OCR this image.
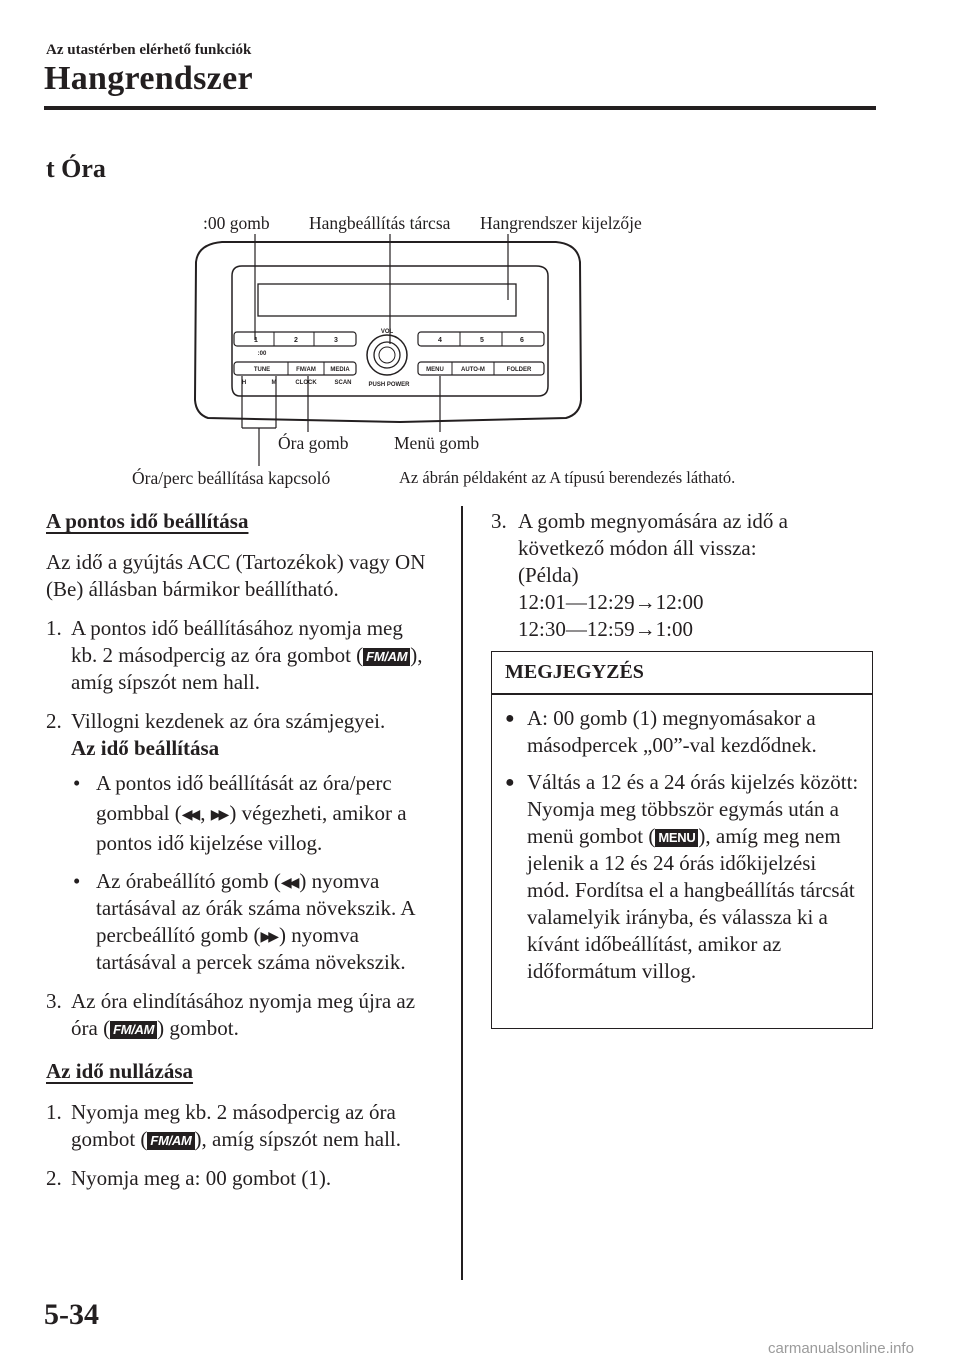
Az utastérben elérhető funkciók
Hangrendszer
t Óra
:00 gomb Hangbeállítás tárcsa Hangrendszer kijelzője
Óra gomb	Menü gomb
Óra/perc beállítása kapcsoló	Az ábrán példaként az A típusú berendezés látható.
1	2	3	4	5	6
:00
TUNE	FM/AM MEDIA
H	M	CLOCK	SCAN
VOL
PUSH POWER
MENU	AUTO-M	FOLDER

A pontos idő beállítása

Az idő a gyújtás ACC (Tartozékok) vagy ON (Be) állásban bármikor beállítható.

1. A pontos idő beállításához nyomja meg kb. 2 másodpercig az óra gombot ( FM/AM ), amíg sípszót nem hall.

2. Villogni kezdenek az óra számjegyei.
Az idő beállítása

• A pontos idő beállítását az óra/perc gombbal (◀◀ , ▶▶ ) végezheti, amikor a pontos idő kijelzése villog.

• Az órabeállító gomb (◀◀ ) nyomva tartásával az órák száma növekszik. A percbeállító gomb (▶▶ ) nyomva tartásával a percek száma növekszik.

3. Az óra elindításához nyomja meg újra az óra ( FM/AM ) gombot.

Az idő nullázása

1. Nyomja meg kb. 2 másodpercig az óra gombot ( FM/AM ), amíg sípszót nem hall.

2. Nyomja meg a: 00 gombot (1).

3. A gomb megnyomására az idő a következő módon áll vissza:
(Példa)
12:01—12:29→12:00
12:30—12:59→1:00

MEGJEGYZÉS
● A: 00 gomb (1) megnyomásakor a másodpercek „00”-val kezdődnek.
● Váltás a 12 és a 24 órás kijelzés között:
Nyomja meg többször egymás után a menü gombot ( MENU ), amíg meg nem jelenik a 12 és 24 órás időkijelzési mód. Fordítsa el a hangbeállítás tárcsát valamelyik irányba, és válassza ki a kívánt időbeállítást, amikor az időformátum villog.
5-34
carmanualsonline.info
